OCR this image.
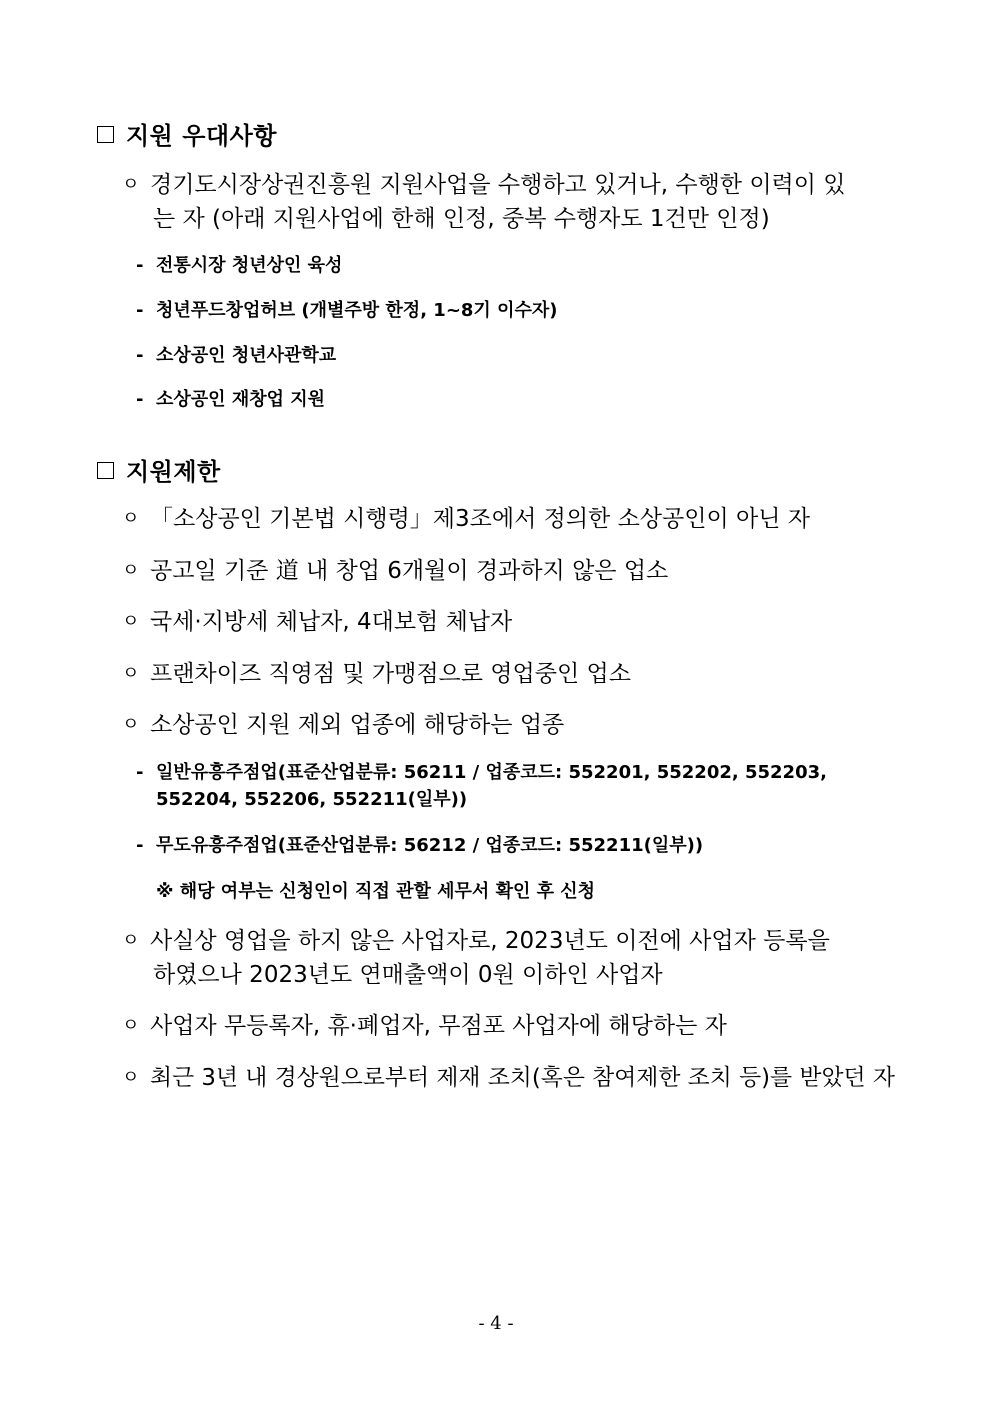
지원 우대사항
ㅇ 경기도시장상권진흥원 지원사업을 수행하고 있거나, 수행한 이력이 있
는 자 (아래 지원사업에 한해 인정, 중복 수행자도 1건만 인정)
- 전통시장 청년상인 육성
- 청년푸드창업허브 (개별주방 한정, 1~8기 이수자)
- 소상공인 청년사관학교
- 소상공인 재창업 지원
지원제한
ㅇ 「소상공인 기본법 시행령」제3조에서 정의한 소상공인이 아닌 자
ㅇ 공고일 기준 道 내 창업 6개월이 경과하지 않은 업소
ㅇ 국세·지방세 체납자, 4대보험 체납자
ㅇ 프랜차이즈 직영점 및 가맹점으로 영업중인 업소
ㅇ 소상공인 지원 제외 업종에 해당하는 업종
- 일반유흥주점업(표준산업분류: 56211 / 업종코드: 552201, 552202, 552203,
552204, 552206, 552211(일부))
- 무도유흥주점업(표준산업분류: 56212 / 업종코드: 552211(일부))
※ 해당 여부는 신청인이 직접 관할 세무서 확인 후 신청
ㅇ 사실상 영업을 하지 않은 사업자로, 2023년도 이전에 사업자 등록을
하였으나 2023년도 연매출액이 0원 이하인 사업자
ㅇ 사업자 무등록자, 휴·폐업자, 무점포 사업자에 해당하는 자
ㅇ 최근 3년 내 경상원으로부터 제재 조치(혹은 참여제한 조치 등)를 받았던 자
- 4 -
